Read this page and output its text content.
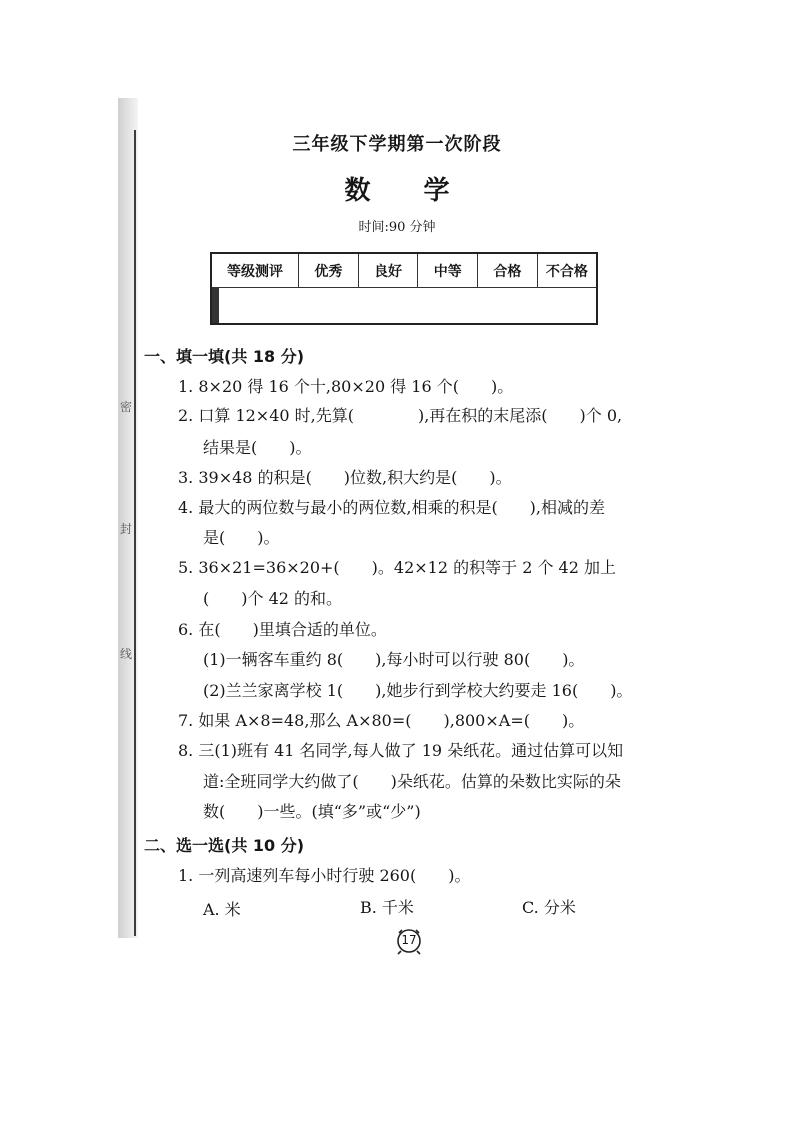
密
封
线
三年级下学期第一次阶段
数 学
时间:90 分钟
等级测评	优秀	良好	中等	合格	不合格

一、填一填(共 18 分)
1. 8×20 得 16 个十,80×20 得 16 个(　　)。
2. 口算 12×40 时,先算(　　　　),再在积的末尾添(　　)个 0,
结果是(　　)。
3. 39×48 的积是(　　)位数,积大约是(　　)。
4. 最大的两位数与最小的两位数,相乘的积是(　　),相减的差
是(　　)。
5. 36×21=36×20+(　　)。42×12 的积等于 2 个 42 加上
(　　)个 42 的和。
6. 在(　　)里填合适的单位。
(1)一辆客车重约 8(　　),每小时可以行驶 80(　　)。
(2)兰兰家离学校 1(　　),她步行到学校大约要走 16(　　)。
7. 如果 A×8=48,那么 A×80=(　　),800×A=(　　)。
8. 三(1)班有 41 名同学,每人做了 19 朵纸花。通过估算可以知
道:全班同学大约做了(　　)朵纸花。估算的朵数比实际的朵
数(　　)一些。(填“多”或“少”)
二、选一选(共 10 分)
1. 一列高速列车每小时行驶 260(　　)。
A. 米	B. 千米	C. 分米
17
